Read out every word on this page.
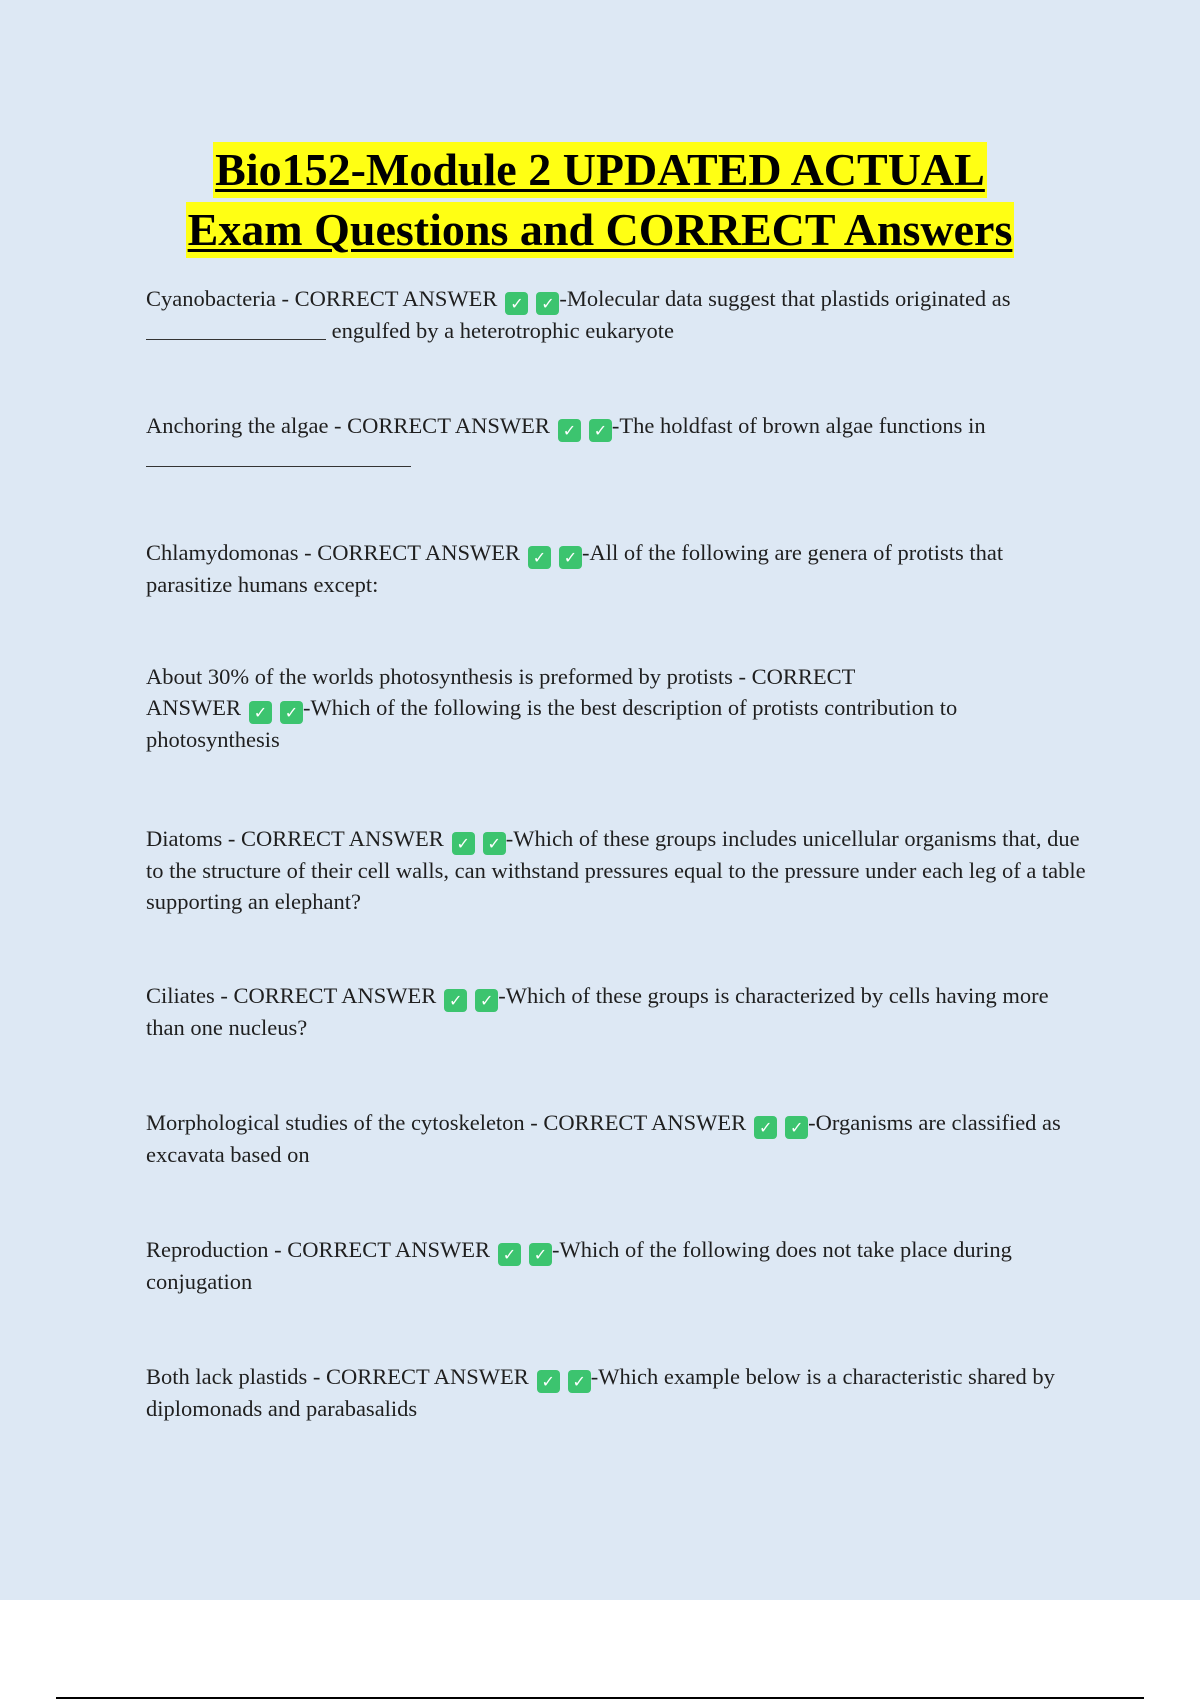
Bio152-Module 2 UPDATED ACTUAL
Exam Questions and CORRECT Answers
Cyanobacteria - CORRECT ANSWER ✓ ✓ -Molecular data suggest that plastids originated as
engulfed by a heterotrophic eukaryote
Anchoring the algae - CORRECT ANSWER ✓ ✓ -The holdfast of brown algae functions in

Chlamydomonas - CORRECT ANSWER ✓ ✓ -All of the following are genera of protists that parasitize humans except:
About 30% of the worlds photosynthesis is preformed by protists - CORRECT
ANSWER ✓ ✓ -Which of the following is the best description of protists contribution to photosynthesis
Diatoms - CORRECT ANSWER ✓ ✓ -Which of these groups includes unicellular organisms that, due to the structure of their cell walls, can withstand pressures equal to the pressure under each leg of a table supporting an elephant?
Ciliates - CORRECT ANSWER ✓ ✓ -Which of these groups is characterized by cells having more than one nucleus?
Morphological studies of the cytoskeleton - CORRECT ANSWER ✓ ✓ -Organisms are classified as excavata based on
Reproduction - CORRECT ANSWER ✓ ✓ -Which of the following does not take place during conjugation
Both lack plastids - CORRECT ANSWER ✓ ✓ -Which example below is a characteristic shared by diplomonads and parabasalids
